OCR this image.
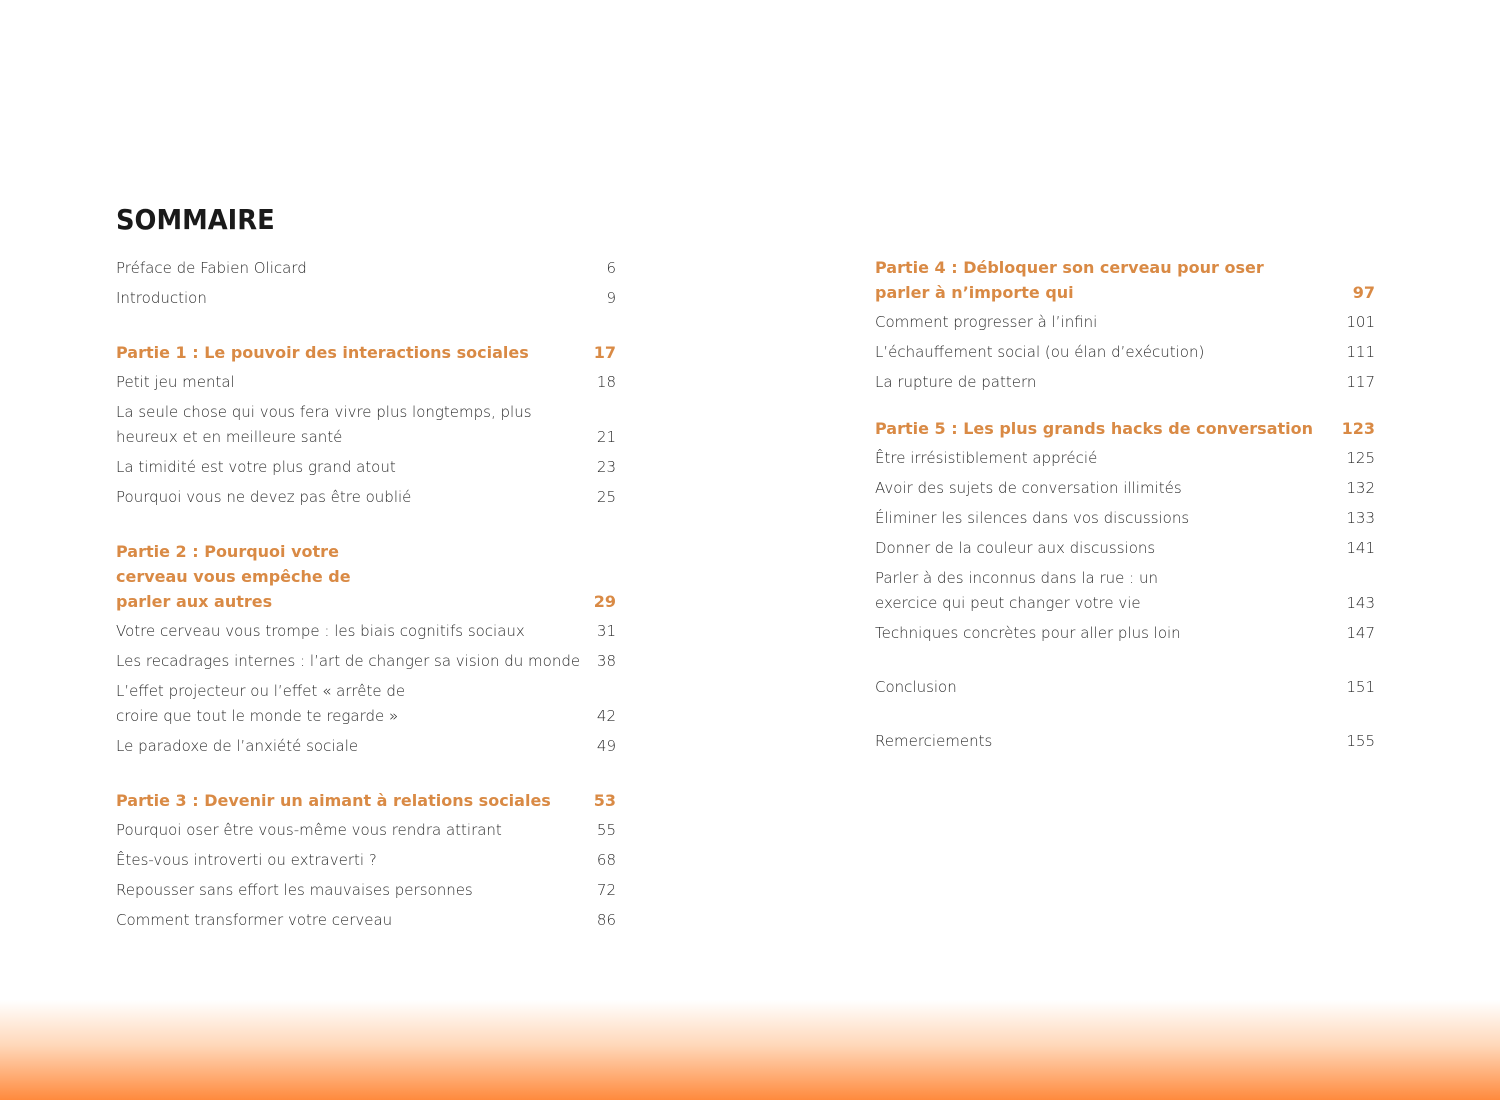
SOMMAIRE
Préface de Fabien Olicard	6
Introduction	9
Partie 1 : Le pouvoir des interactions sociales	17
Petit jeu mental	18
La seule chose qui vous fera vivre plus longtemps, plus heureux et en meilleure santé	21
La timidité est votre plus grand atout	23
Pourquoi vous ne devez pas être oublié	25
Partie 2 : Pourquoi votre cerveau vous empêche de parler aux autres	29
Votre cerveau vous trompe : les biais cognitifs sociaux	31
Les recadrages internes : l’art de changer sa vision du monde	38
L’effet projecteur ou l’effet « arrête de croire que tout le monde te regarde »	42
Le paradoxe de l’anxiété sociale	49
Partie 3 : Devenir un aimant à relations sociales	53
Pourquoi oser être vous-même vous rendra attirant	55
Êtes-vous introverti ou extraverti ?	68
Repousser sans effort les mauvaises personnes	72
Comment transformer votre cerveau	86
Partie 4 : Débloquer son cerveau pour oser parler à n’importe qui	97
Comment progresser à l’infini	101
L’échauffement social (ou élan d’exécution)	111
La rupture de pattern	117
Partie 5 : Les plus grands hacks de conversation	123
Être irrésistiblement apprécié	125
Avoir des sujets de conversation illimités	132
Éliminer les silences dans vos discussions	133
Donner de la couleur aux discussions	141
Parler à des inconnus dans la rue : un exercice qui peut changer votre vie	143
Techniques concrètes pour aller plus loin	147
Conclusion	151
Remerciements	155
